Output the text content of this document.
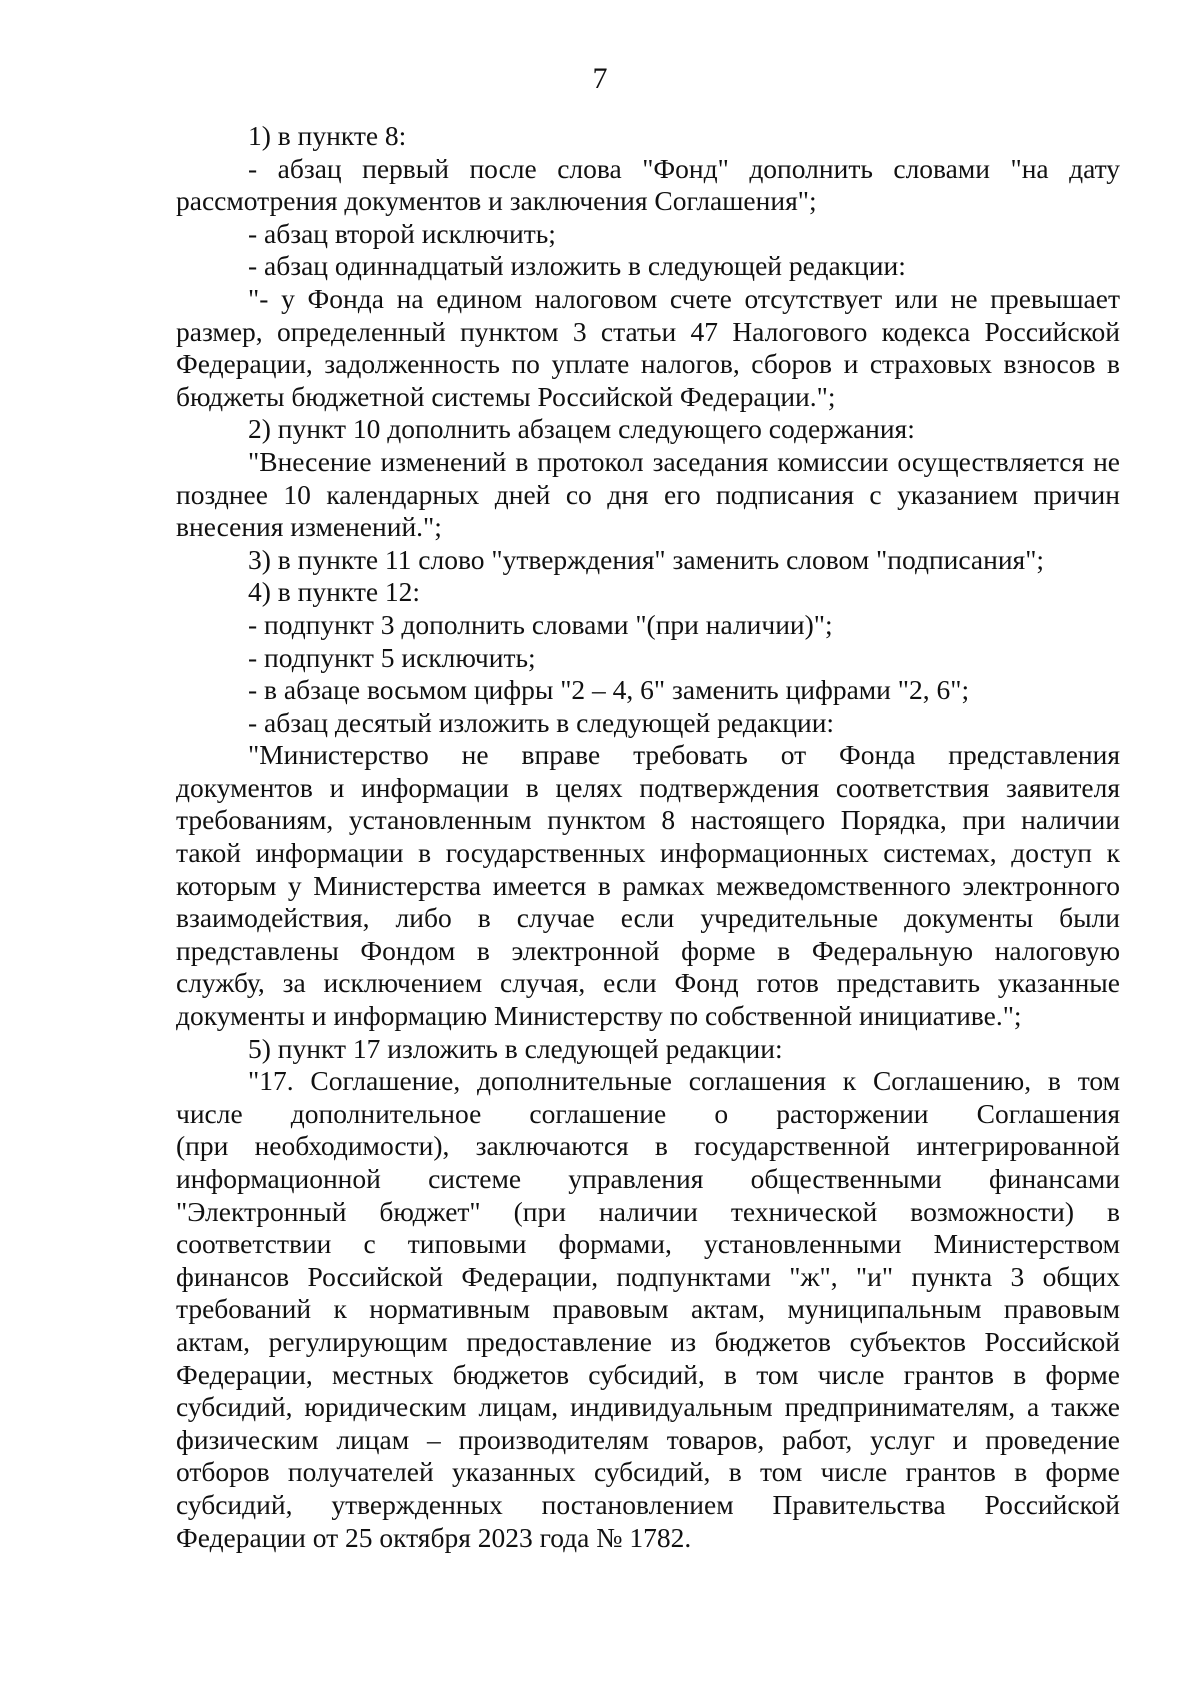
7
1) в пункте 8:
- абзац первый после слова "Фонд" дополнить словами "на дату
рассмотрения документов и заключения Соглашения";
- абзац второй исключить;
- абзац одиннадцатый изложить в следующей редакции:
"- у Фонда на едином налоговом счете отсутствует или не превышает
размер, определенный пунктом 3 статьи 47 Налогового кодекса Российской
Федерации, задолженность по уплате налогов, сборов и страховых взносов в
бюджеты бюджетной системы Российской Федерации.";
2) пункт 10 дополнить абзацем следующего содержания:
"Внесение изменений в протокол заседания комиссии осуществляется не
позднее 10 календарных дней со дня его подписания с указанием причин
внесения изменений.";
3) в пункте 11 слово "утверждения" заменить словом "подписания";
4) в пункте 12:
- подпункт 3 дополнить словами "(при наличии)";
- подпункт 5 исключить;
- в абзаце восьмом цифры "2 – 4, 6" заменить цифрами "2, 6";
- абзац десятый изложить в следующей редакции:
"Министерство не вправе требовать от Фонда представления
документов и информации в целях подтверждения соответствия заявителя
требованиям, установленным пунктом 8 настоящего Порядка, при наличии
такой информации в государственных информационных системах, доступ к
которым у Министерства имеется в рамках межведомственного электронного
взаимодействия, либо в случае если учредительные документы были
представлены Фондом в электронной форме в Федеральную налоговую
службу, за исключением случая, если Фонд готов представить указанные
документы и информацию Министерству по собственной инициативе.";
5) пункт 17 изложить в следующей редакции:
"17. Соглашение, дополнительные соглашения к Соглашению, в том
числе дополнительное соглашение о расторжении Соглашения
(при необходимости), заключаются в государственной интегрированной
информационной системе управления общественными финансами
"Электронный бюджет" (при наличии технической возможности) в
соответствии с типовыми формами, установленными Министерством
финансов Российской Федерации, подпунктами "ж", "и" пункта 3 общих
требований к нормативным правовым актам, муниципальным правовым
актам, регулирующим предоставление из бюджетов субъектов Российской
Федерации, местных бюджетов субсидий, в том числе грантов в форме
субсидий, юридическим лицам, индивидуальным предпринимателям, а также
физическим лицам – производителям товаров, работ, услуг и проведение
отборов получателей указанных субсидий, в том числе грантов в форме
субсидий, утвержденных постановлением Правительства Российской
Федерации от 25 октября 2023 года № 1782.
